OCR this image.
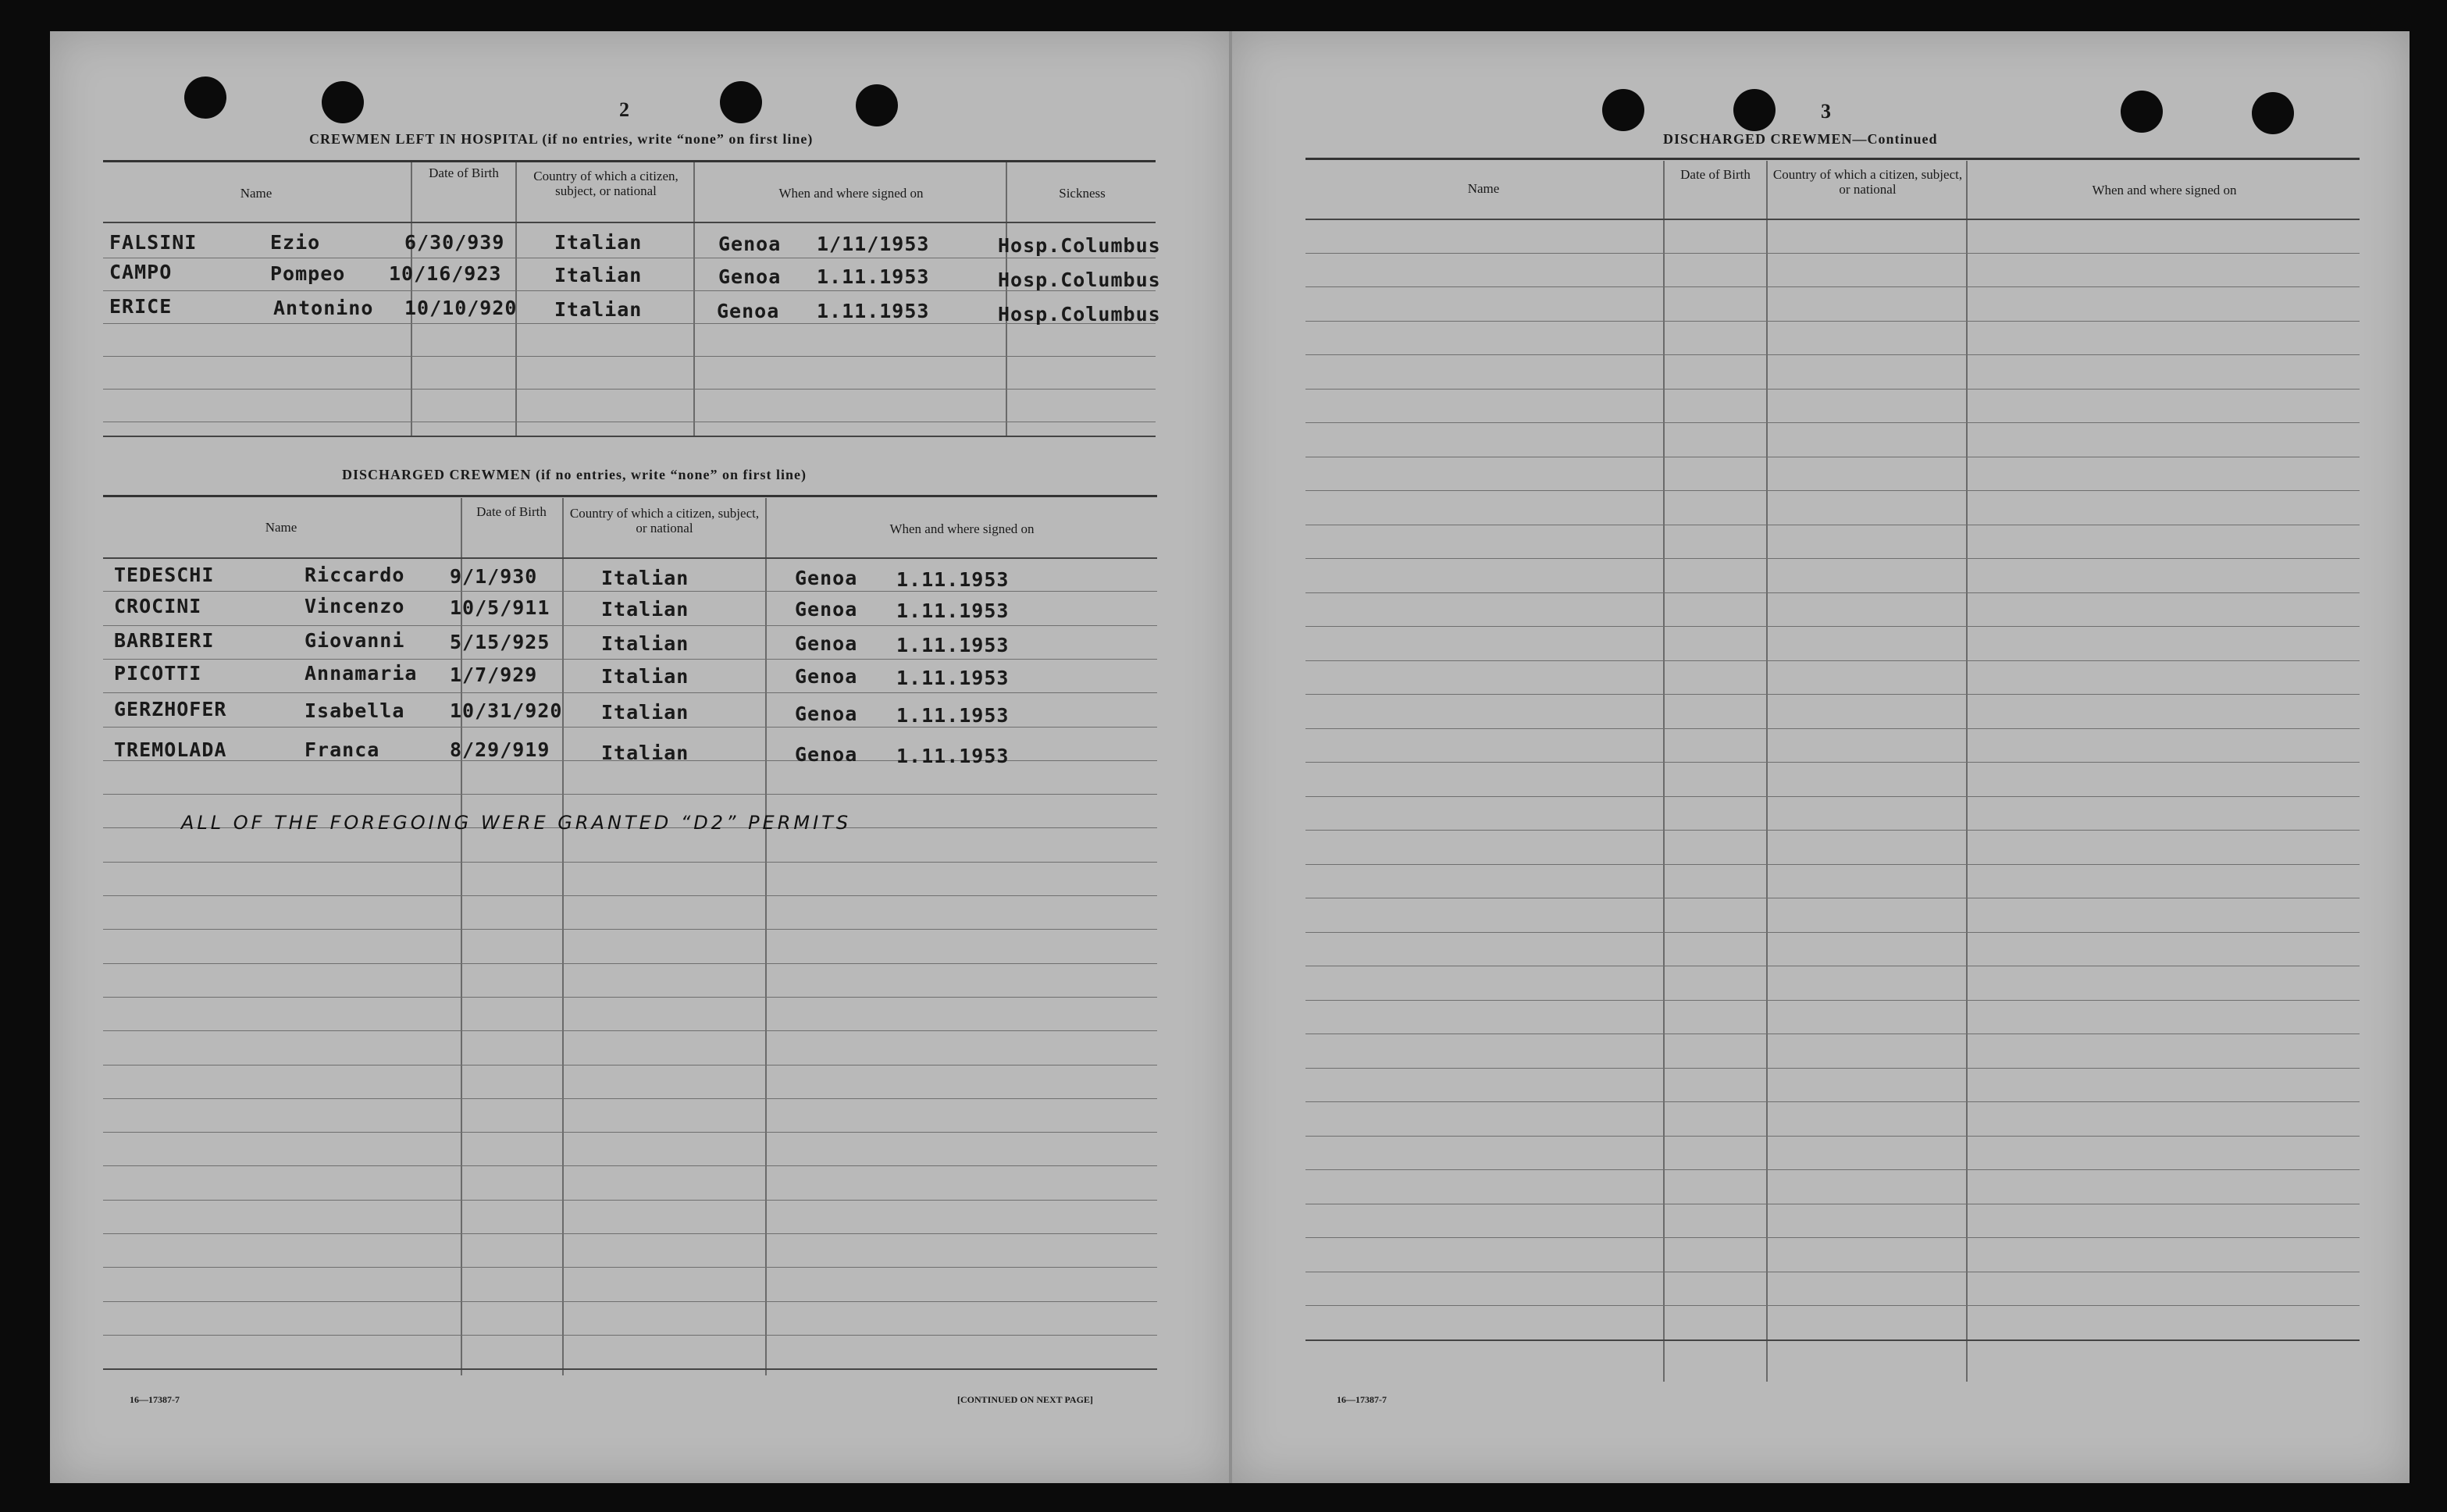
2
CREWMEN LEFT IN HOSPITAL (if no entries, write “none” on first line)
Name
Date of Birth	Country of which a citizen, subject, or national	When and where signed on	Sickness
FALSINI	Ezio	6/30/939	Italian	Genoa 1/11/1953	Hosp.Columbus
CAMPO	Pompeo 10/16/923	Italian	Genoa 1.11.1953	Hosp.Columbus
ERICE	Antonino 10/10/920 Italian	Genoa 1.11.1953	Hosp.Columbus
DISCHARGED CREWMEN (if no entries, write “none” on first line)
Name
Date of Birth	Country of which a citizen, subject, or national	When and where signed on
TEDESCHI	Riccardo 9/1/930	Italian	Genoa 1.11.1953
CROCINI	Vincenzo 10/5/911	Italian	Genoa 1.11.1953
BARBIERI	Giovanni 5/15/925	Italian	Genoa 1.11.1953
PICOTTI	Annamaria 1/7/929	Italian	Genoa 1.11.1953
GERZHOFER	Isabella 10/31/920 Italian	Genoa 1.11.1953
TREMOLADA	Franca	8/29/919	Italian	Genoa 1.11.1953
ALL OF THE FOREGOING WERE GRANTED “D2” PERMITS
16—17387-7	[CONTINUED ON NEXT PAGE]
3
DISCHARGED CREWMEN—Continued
Name
Date of Birth	Country of which a citizen, subject, or national	When and where signed on
16—17387-7
